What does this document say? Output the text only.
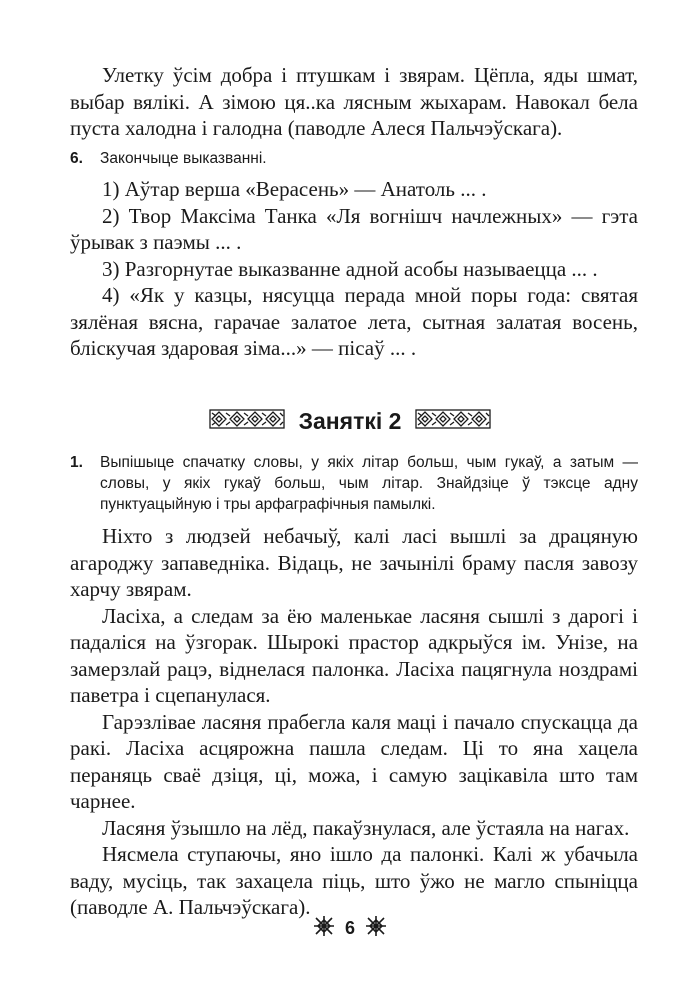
Улетку ўсім добра і птушкам і звярам. Цёпла, яды шмат, выбар вялікі. А зімою ця..ка лясным жыхарам. Навокал бела пуста халодна і галодна (паводле Алеся Пальчэўскага).

6. Закончыце выказванні.

1) Аўтар верша «Верасень» — Анатоль ... .

2) Твор Максіма Танка «Ля вогнішч начлежных» — гэта ўрывак з паэмы ... .

3) Разгорнутае выказванне адной асобы называецца ... .

4) «Як у казцы, нясуцца перада мной поры года: святая зялёная вясна, гарачае залатое лета, сытная залатая восень, бліскучая здаровая зіма...» — пісаў ... .

Заняткі 2

1. Выпішыце спачатку словы, у якіх літар больш, чым гукаў, а затым — словы, у якіх гукаў больш, чым літар. Знайдзіце ў тэксце адну пунктуацыйную і тры арфаграфічныя памылкі.

Ніхто з людзей небачыў, калі ласі вышлі за драцяную агароджу запаведніка. Відаць, не зачынілі браму пасля завозу харчу звярам.

Ласіха, а следам за ёю маленькае ласяня сышлі з дарогі і падаліся на ўзгорак. Шырокі прастор адкрыўся ім. Унізе, на замерзлай рацэ, віднелася палонка. Ласіха пацягнула ноздрамі паветра і сцепанулася.

Гарэзлівае ласяня прабегла каля маці і пачало спускацца да ракі. Ласіха асцярожна пашла следам. Ці то яна хацела пераняць сваё дзіця, ці, можа, і самую зацікавіла што там чарнее.

Ласяня ўзышло на лёд, пакаўзнулася, але ўстаяла на нагах.

Нясмела ступаючы, яно ішло да палонкі. Калі ж убачыла ваду, мусіць, так захацела піць, што ўжо не магло спыніцца (паводле А. Пальчэўскага).

6
